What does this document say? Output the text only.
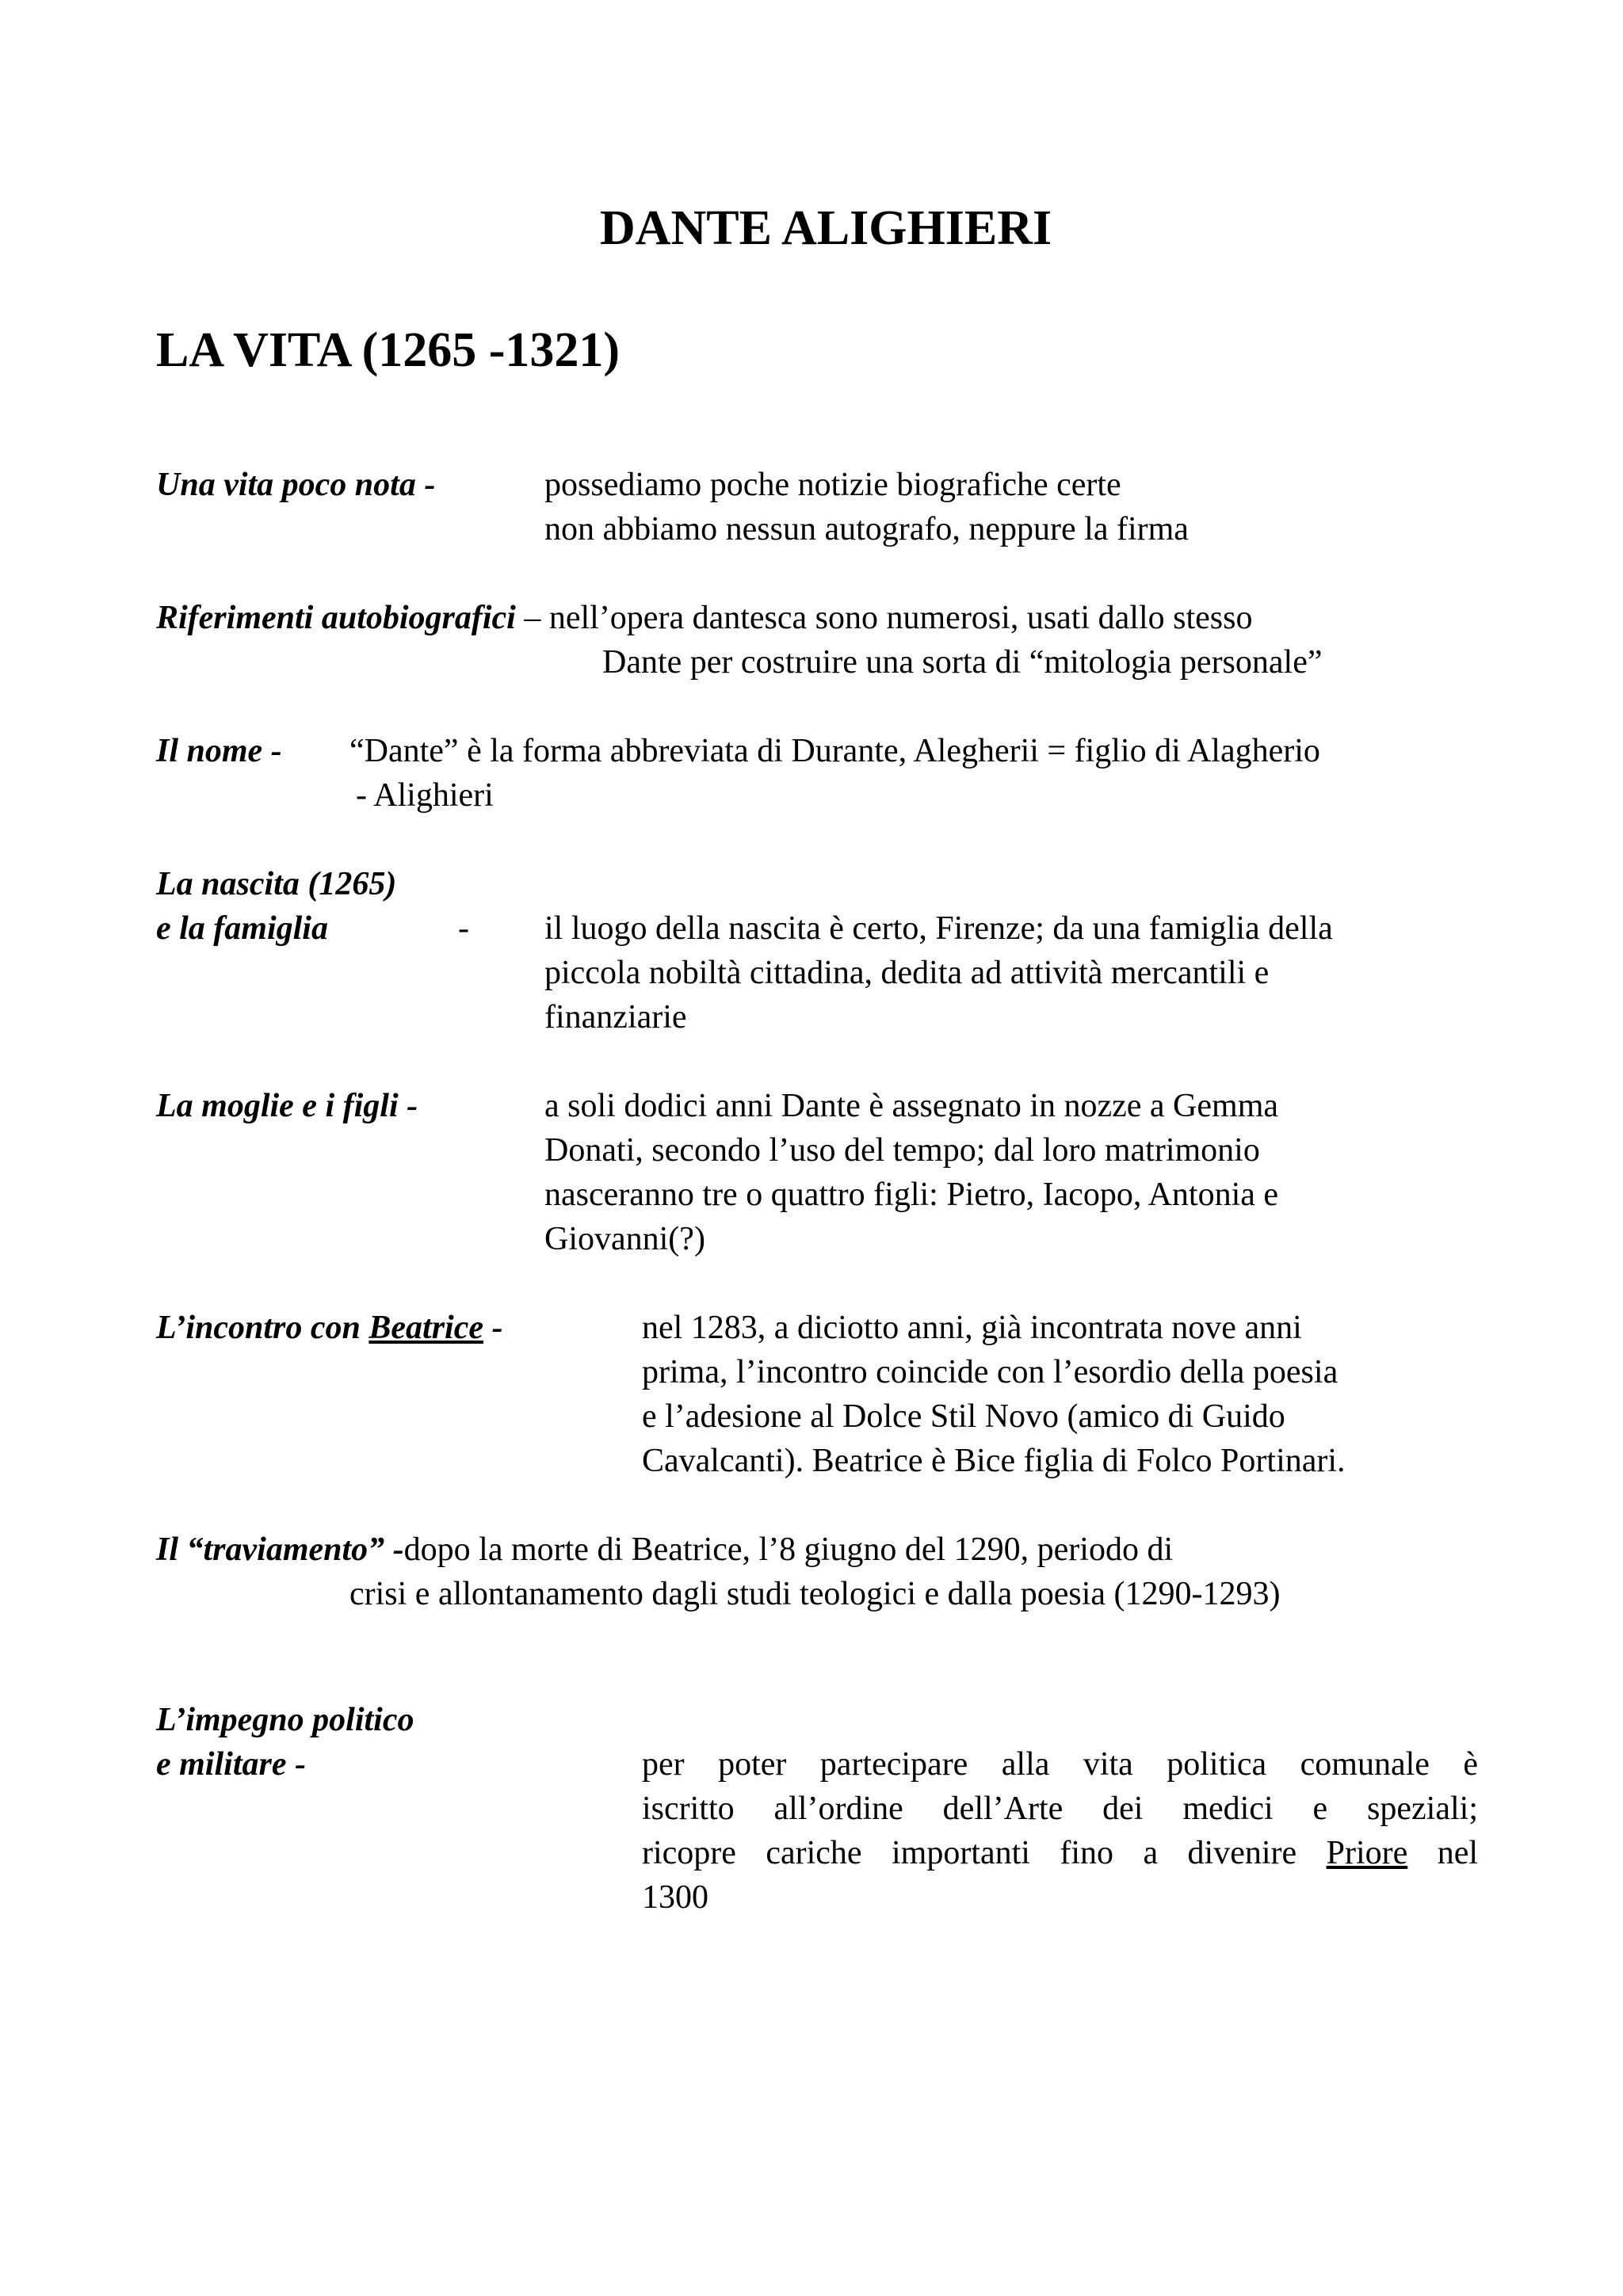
DANTE ALIGHIERI
LA VITA (1265 -1321)
Una vita poco nota -	possediamo poche notizie biografiche certe
non abbiamo nessun autografo, neppure la firma
Riferimenti autobiografici – nell’opera dantesca sono numerosi, usati dallo stesso
Dante per costruire una sorta di “mitologia personale”
Il nome - “Dante” è la forma abbreviata di Durante, Alegherii = figlio di Alagherio
- Alighieri
La nascita (1265)
e la famiglia	- il luogo della nascita è certo, Firenze; da una famiglia della
piccola nobiltà cittadina, dedita ad attività mercantili e
finanziarie
La moglie e i figli -	a soli dodici anni Dante è assegnato in nozze a Gemma
Donati, secondo l’uso del tempo; dal loro matrimonio
nasceranno tre o quattro figli: Pietro, Iacopo, Antonia e
Giovanni(?)
L’incontro con Beatrice -	nel 1283, a diciotto anni, già incontrata nove anni
prima, l’incontro coincide con l’esordio della poesia
e l’adesione al Dolce Stil Novo (amico di Guido
Cavalcanti). Beatrice è Bice figlia di Folco Portinari.
Il “traviamento” -dopo la morte di Beatrice, l’8 giugno del 1290, periodo di
crisi e allontanamento dagli studi teologici e dalla poesia (1290-1293)
L’impegno politico
e militare -	per poter partecipare alla vita politica comunale è
iscritto all’ordine dell’Arte dei medici e speziali;
ricopre cariche importanti fino a divenire Priore nel
1300
